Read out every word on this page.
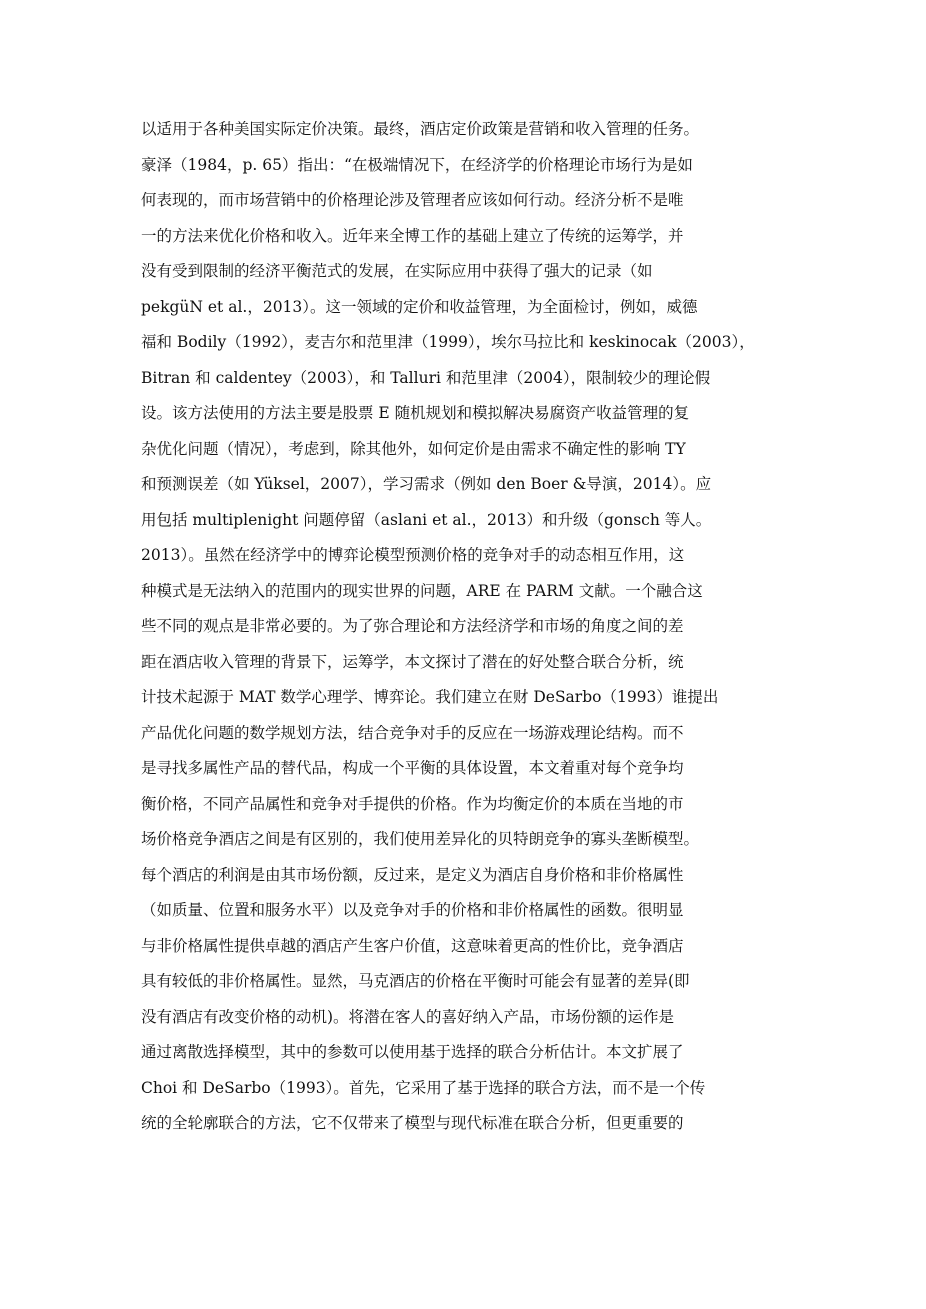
以适用于各种美国实际定价决策。最终，酒店定价政策是营销和收入管理的任务。
豪泽（1984，p. 65）指出：“在极端情况下，在经济学的价格理论市场行为是如
何表现的，而市场营销中的价格理论涉及管理者应该如何行动。经济分析不是唯
一的方法来优化价格和收入。近年来全博工作的基础上建立了传统的运筹学，并
没有受到限制的经济平衡范式的发展，在实际应用中获得了强大的记录（如
pekgüN et al.，2013）。这一领域的定价和收益管理，为全面检讨，例如，威德
福和 Bodily（1992），麦吉尔和范里津（1999），埃尔马拉比和 keskinocak（2003），
Bitran 和 caldentey（2003），和 Talluri 和范里津（2004），限制较少的理论假
设。该方法使用的方法主要是股票 E 随机规划和模拟解决易腐资产收益管理的复
杂优化问题（情况），考虑到，除其他外，如何定价是由需求不确定性的影响 TY
和预测误差（如 Yüksel，2007），学习需求（例如 den Boer &导演，2014）。应
用包括 multiplenight 问题停留（aslani et al.，2013）和升级（gonsch 等人。
2013）。虽然在经济学中的博弈论模型预测价格的竞争对手的动态相互作用，这
种模式是无法纳入的范围内的现实世界的问题，ARE 在 PARM 文献。一个融合这
些不同的观点是非常必要的。为了弥合理论和方法经济学和市场的角度之间的差
距在酒店收入管理的背景下，运筹学，本文探讨了潜在的好处整合联合分析，统
计技术起源于 MAT 数学心理学、博弈论。我们建立在财 DeSarbo（1993）谁提出
产品优化问题的数学规划方法，结合竞争对手的反应在一场游戏理论结构。而不
是寻找多属性产品的替代品，构成一个平衡的具体设置，本文着重对每个竞争均
衡价格，不同产品属性和竞争对手提供的价格。作为均衡定价的本质在当地的市
场价格竞争酒店之间是有区别的，我们使用差异化的贝特朗竞争的寡头垄断模型。
每个酒店的利润是由其市场份额，反过来，是定义为酒店自身价格和非价格属性
（如质量、位置和服务水平）以及竞争对手的价格和非价格属性的函数。很明显
与非价格属性提供卓越的酒店产生客户价值，这意味着更高的性价比，竞争酒店
具有较低的非价格属性。显然，马克酒店的价格在平衡时可能会有显著的差异(即
没有酒店有改变价格的动机)。将潜在客人的喜好纳入产品，市场份额的运作是
通过离散选择模型，其中的参数可以使用基于选择的联合分析估计。本文扩展了
Choi 和 DeSarbo（1993）。首先，它采用了基于选择的联合方法，而不是一个传
统的全轮廓联合的方法，它不仅带来了模型与现代标准在联合分析，但更重要的
